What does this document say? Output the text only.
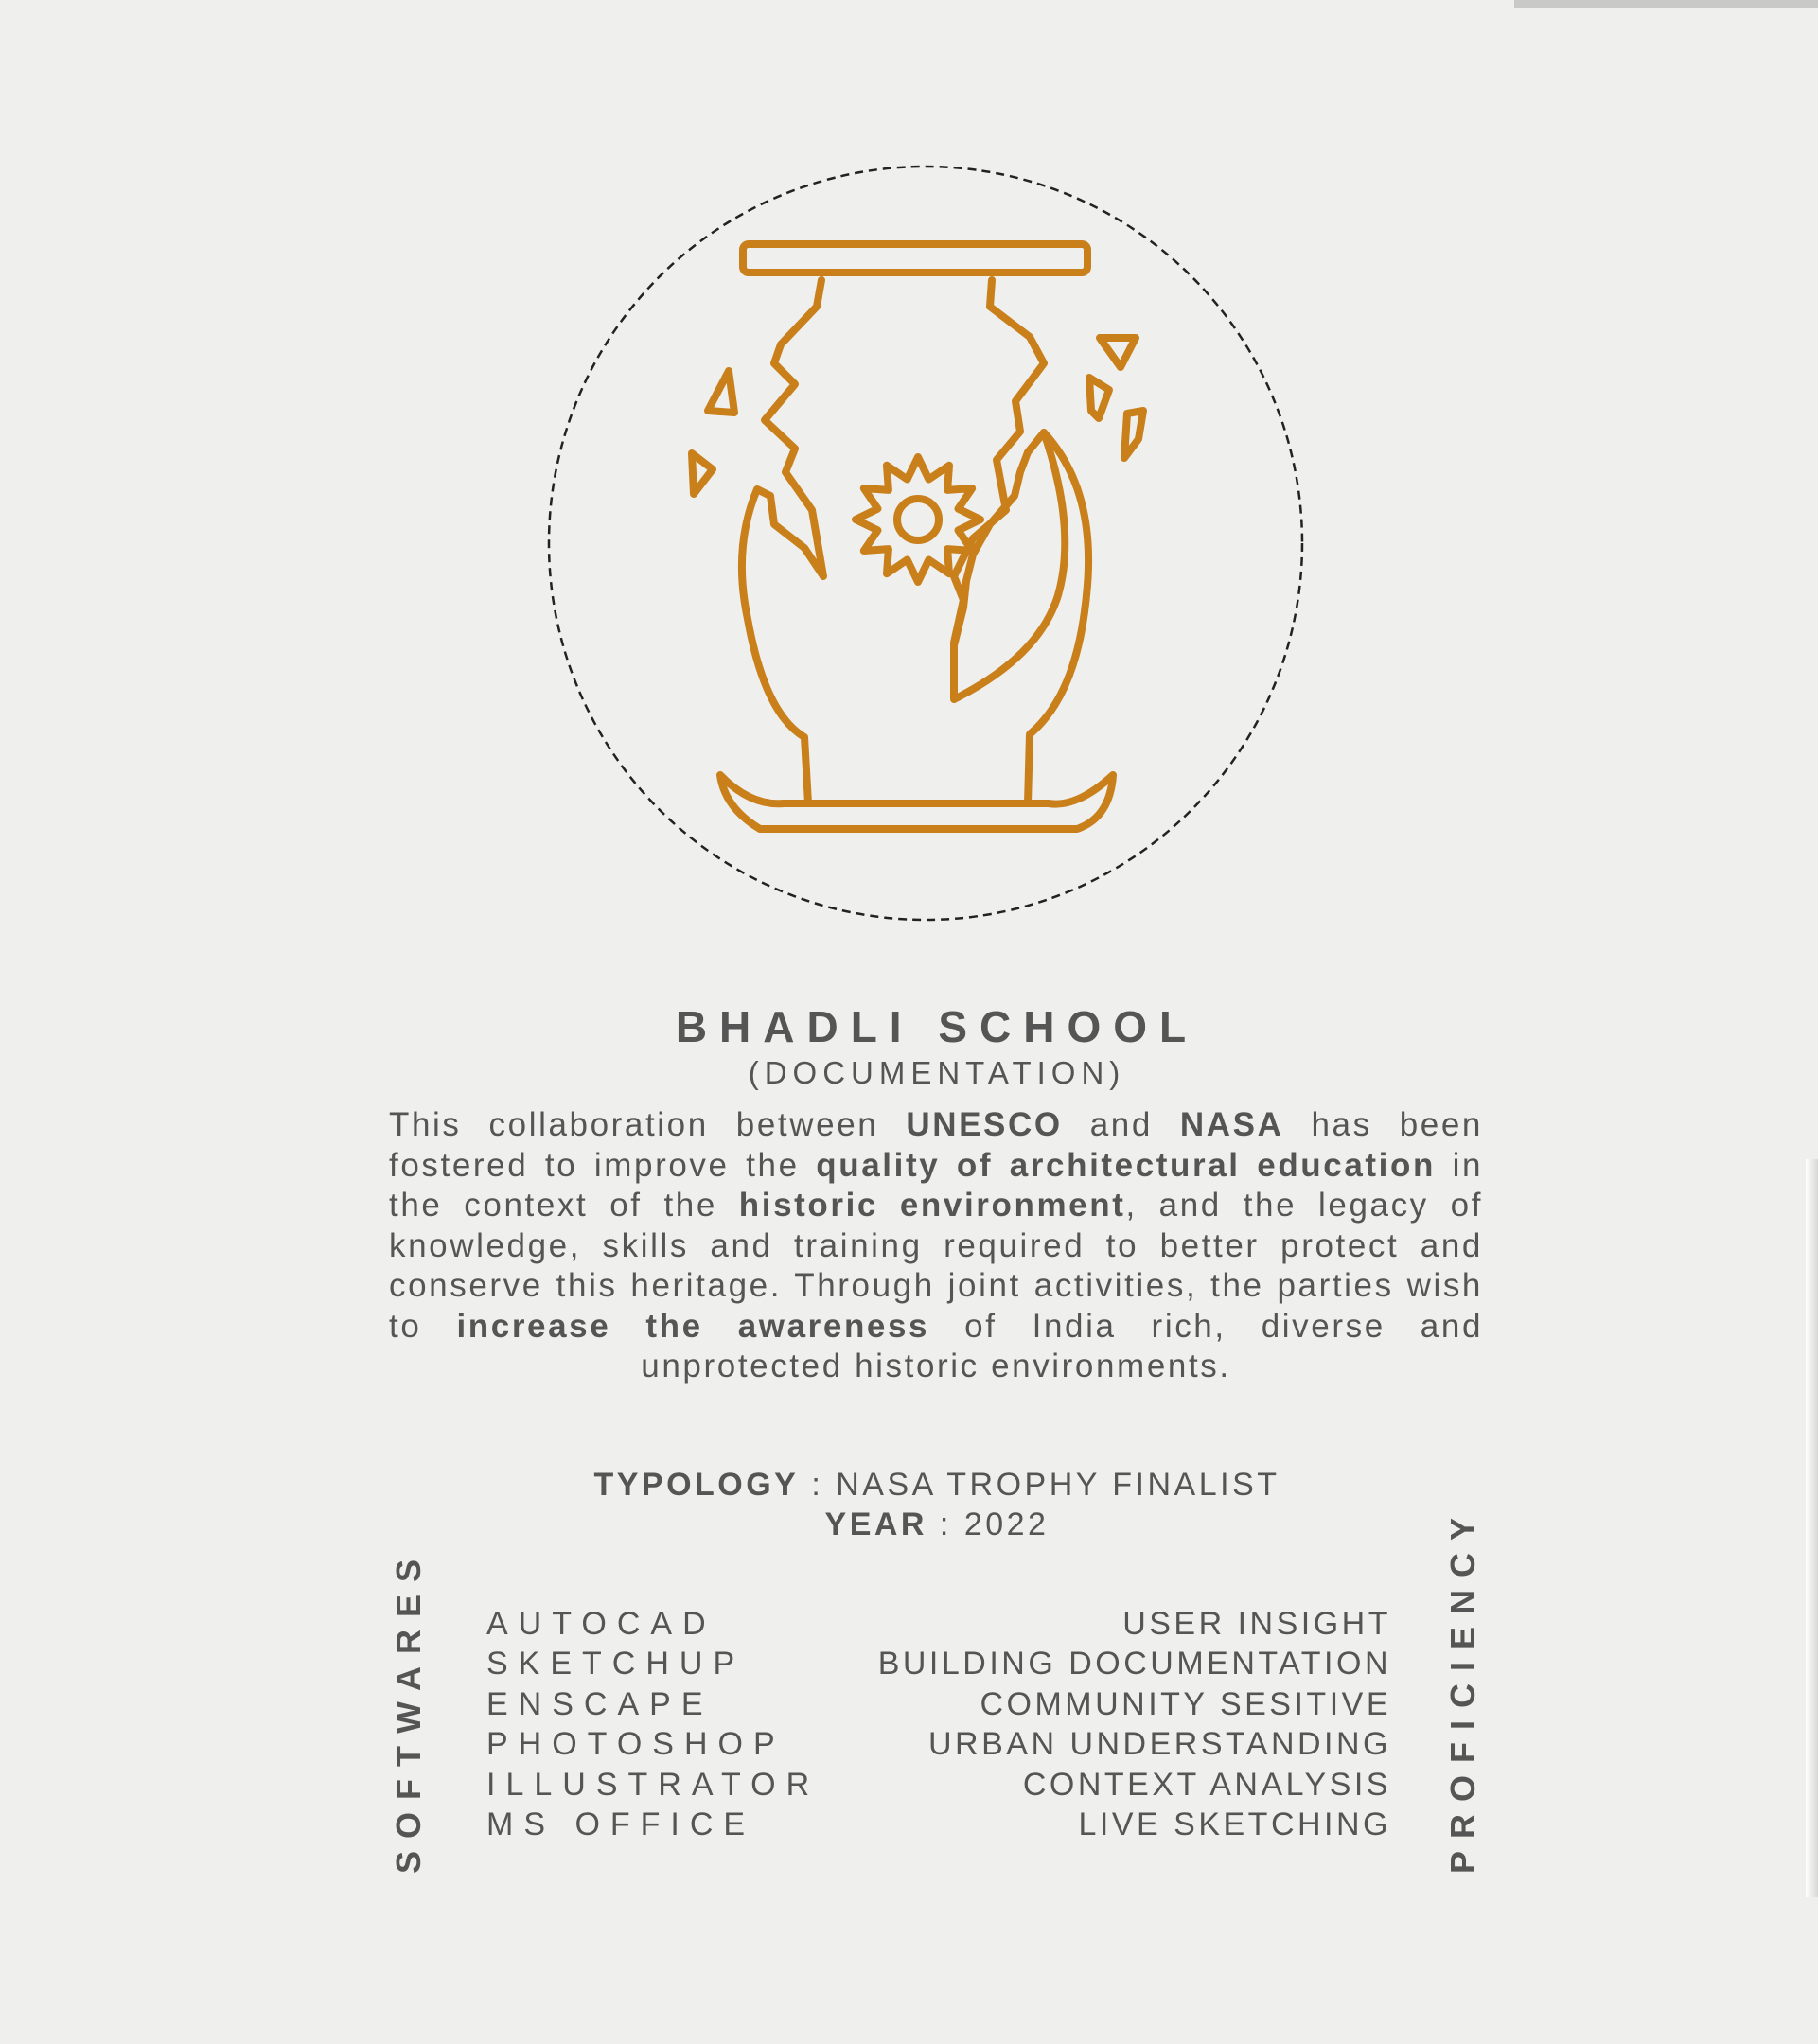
BHADLI SCHOOL
(DOCUMENTATION)
This collaboration between UNESCO and NASA has been fostered to improve the quality of architectural education in the context of the historic environment, and the legacy of knowledge, skills and training required to better protect and conserve this heritage. Through joint activities, the parties wish to increase the awareness of India rich, diverse and unprotected historic environments.
TYPOLOGY : NASA TROPHY FINALIST
YEAR : 2022
SOFTWARES AUTOCAD
SKETCHUP
ENSCAPE
PHOTOSHOP
ILLUSTRATOR
MS OFFICE
USER INSIGHT
BUILDING DOCUMENTATION
COMMUNITY SESITIVE
URBAN UNDERSTANDING
CONTEXT ANALYSIS
LIVE SKETCHING PROFICIENCY
